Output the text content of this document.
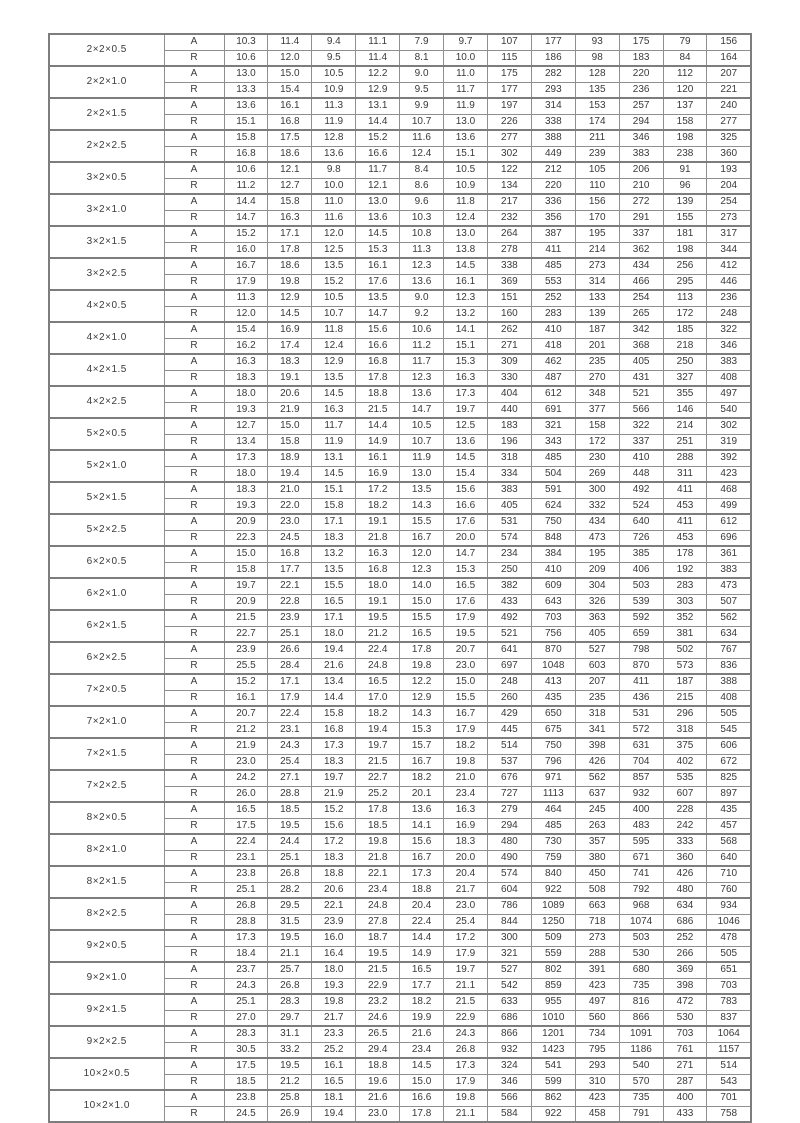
2×2×0.5	A	10.3	11.4	9.4	11.1	7.9	9.7	107	177	93	175	79	156
	R	10.6	12.0	9.5	11.4	8.1	10.0	115	186	98	183	84	164
2×2×1.0	A	13.0	15.0	10.5	12.2	9.0	11.0	175	282	128	220	112	207
	R	13.3	15.4	10.9	12.9	9.5	11.7	177	293	135	236	120	221
2×2×1.5	A	13.6	16.1	11.3	13.1	9.9	11.9	197	314	153	257	137	240
	R	15.1	16.8	11.9	14.4	10.7	13.0	226	338	174	294	158	277
2×2×2.5	A	15.8	17.5	12.8	15.2	11.6	13.6	277	388	211	346	198	325
	R	16.8	18.6	13.6	16.6	12.4	15.1	302	449	239	383	238	360
3×2×0.5	A	10.6	12.1	9.8	11.7	8.4	10.5	122	212	105	206	91	193
	R	11.2	12.7	10.0	12.1	8.6	10.9	134	220	110	210	96	204
3×2×1.0	A	14.4	15.8	11.0	13.0	9.6	11.8	217	336	156	272	139	254
	R	14.7	16.3	11.6	13.6	10.3	12.4	232	356	170	291	155	273
3×2×1.5	A	15.2	17.1	12.0	14.5	10.8	13.0	264	387	195	337	181	317
	R	16.0	17.8	12.5	15.3	11.3	13.8	278	411	214	362	198	344
3×2×2.5	A	16.7	18.6	13.5	16.1	12.3	14.5	338	485	273	434	256	412
	R	17.9	19.8	15.2	17.6	13.6	16.1	369	553	314	466	295	446
4×2×0.5	A	11.3	12.9	10.5	13.5	9.0	12.3	151	252	133	254	113	236
	R	12.0	14.5	10.7	14.7	9.2	13.2	160	283	139	265	172	248
4×2×1.0	A	15.4	16.9	11.8	15.6	10.6	14.1	262	410	187	342	185	322
	R	16.2	17.4	12.4	16.6	11.2	15.1	271	418	201	368	218	346
4×2×1.5	A	16.3	18.3	12.9	16.8	11.7	15.3	309	462	235	405	250	383
	R	18.3	19.1	13.5	17.8	12.3	16.3	330	487	270	431	327	408
4×2×2.5	A	18.0	20.6	14.5	18.8	13.6	17.3	404	612	348	521	355	497
	R	19.3	21.9	16.3	21.5	14.7	19.7	440	691	377	566	146	540
5×2×0.5	A	12.7	15.0	11.7	14.4	10.5	12.5	183	321	158	322	214	302
	R	13.4	15.8	11.9	14.9	10.7	13.6	196	343	172	337	251	319
5×2×1.0	A	17.3	18.9	13.1	16.1	11.9	14.5	318	485	230	410	288	392
	R	18.0	19.4	14.5	16.9	13.0	15.4	334	504	269	448	311	423
5×2×1.5	A	18.3	21.0	15.1	17.2	13.5	15.6	383	591	300	492	411	468
	R	19.3	22.0	15.8	18.2	14.3	16.6	405	624	332	524	453	499
5×2×2.5	A	20.9	23.0	17.1	19.1	15.5	17.6	531	750	434	640	411	612
	R	22.3	24.5	18.3	21.8	16.7	20.0	574	848	473	726	453	696
6×2×0.5	A	15.0	16.8	13.2	16.3	12.0	14.7	234	384	195	385	178	361
	R	15.8	17.7	13.5	16.8	12.3	15.3	250	410	209	406	192	383
6×2×1.0	A	19.7	22.1	15.5	18.0	14.0	16.5	382	609	304	503	283	473
	R	20.9	22.8	16.5	19.1	15.0	17.6	433	643	326	539	303	507
6×2×1.5	A	21.5	23.9	17.1	19.5	15.5	17.9	492	703	363	592	352	562
	R	22.7	25.1	18.0	21.2	16.5	19.5	521	756	405	659	381	634
6×2×2.5	A	23.9	26.6	19.4	22.4	17.8	20.7	641	870	527	798	502	767
	R	25.5	28.4	21.6	24.8	19.8	23.0	697	1048	603	870	573	836
7×2×0.5	A	15.2	17.1	13.4	16.5	12.2	15.0	248	413	207	411	187	388
	R	16.1	17.9	14.4	17.0	12.9	15.5	260	435	235	436	215	408
7×2×1.0	A	20.7	22.4	15.8	18.2	14.3	16.7	429	650	318	531	296	505
	R	21.2	23.1	16.8	19.4	15.3	17.9	445	675	341	572	318	545
7×2×1.5	A	21.9	24.3	17.3	19.7	15.7	18.2	514	750	398	631	375	606
	R	23.0	25.4	18.3	21.5	16.7	19.8	537	796	426	704	402	672
7×2×2.5	A	24.2	27.1	19.7	22.7	18.2	21.0	676	971	562	857	535	825
	R	26.0	28.8	21.9	25.2	20.1	23.4	727	1113	637	932	607	897
8×2×0.5	A	16.5	18.5	15.2	17.8	13.6	16.3	279	464	245	400	228	435
	R	17.5	19.5	15.6	18.5	14.1	16.9	294	485	263	483	242	457
8×2×1.0	A	22.4	24.4	17.2	19.8	15.6	18.3	480	730	357	595	333	568
	R	23.1	25.1	18.3	21.8	16.7	20.0	490	759	380	671	360	640
8×2×1.5	A	23.8	26.8	18.8	22.1	17.3	20.4	574	840	450	741	426	710
	R	25.1	28.2	20.6	23.4	18.8	21.7	604	922	508	792	480	760
8×2×2.5	A	26.8	29.5	22.1	24.8	20.4	23.0	786	1089	663	968	634	934
	R	28.8	31.5	23.9	27.8	22.4	25.4	844	1250	718	1074	686	1046
9×2×0.5	A	17.3	19.5	16.0	18.7	14.4	17.2	300	509	273	503	252	478
	R	18.4	21.1	16.4	19.5	14.9	17.9	321	559	288	530	266	505
9×2×1.0	A	23.7	25.7	18.0	21.5	16.5	19.7	527	802	391	680	369	651
	R	24.3	26.8	19.3	22.9	17.7	21.1	542	859	423	735	398	703
9×2×1.5	A	25.1	28.3	19.8	23.2	18.2	21.5	633	955	497	816	472	783
	R	27.0	29.7	21.7	24.6	19.9	22.9	686	1010	560	866	530	837
9×2×2.5	A	28.3	31.1	23.3	26.5	21.6	24.3	866	1201	734	1091	703	1064
	R	30.5	33.2	25.2	29.4	23.4	26.8	932	1423	795	1186	761	1157
10×2×0.5	A	17.5	19.5	16.1	18.8	14.5	17.3	324	541	293	540	271	514
	R	18.5	21.2	16.5	19.6	15.0	17.9	346	599	310	570	287	543
10×2×1.0	A	23.8	25.8	18.1	21.6	16.6	19.8	566	862	423	735	400	701
	R	24.5	26.9	19.4	23.0	17.8	21.1	584	922	458	791	433	758
